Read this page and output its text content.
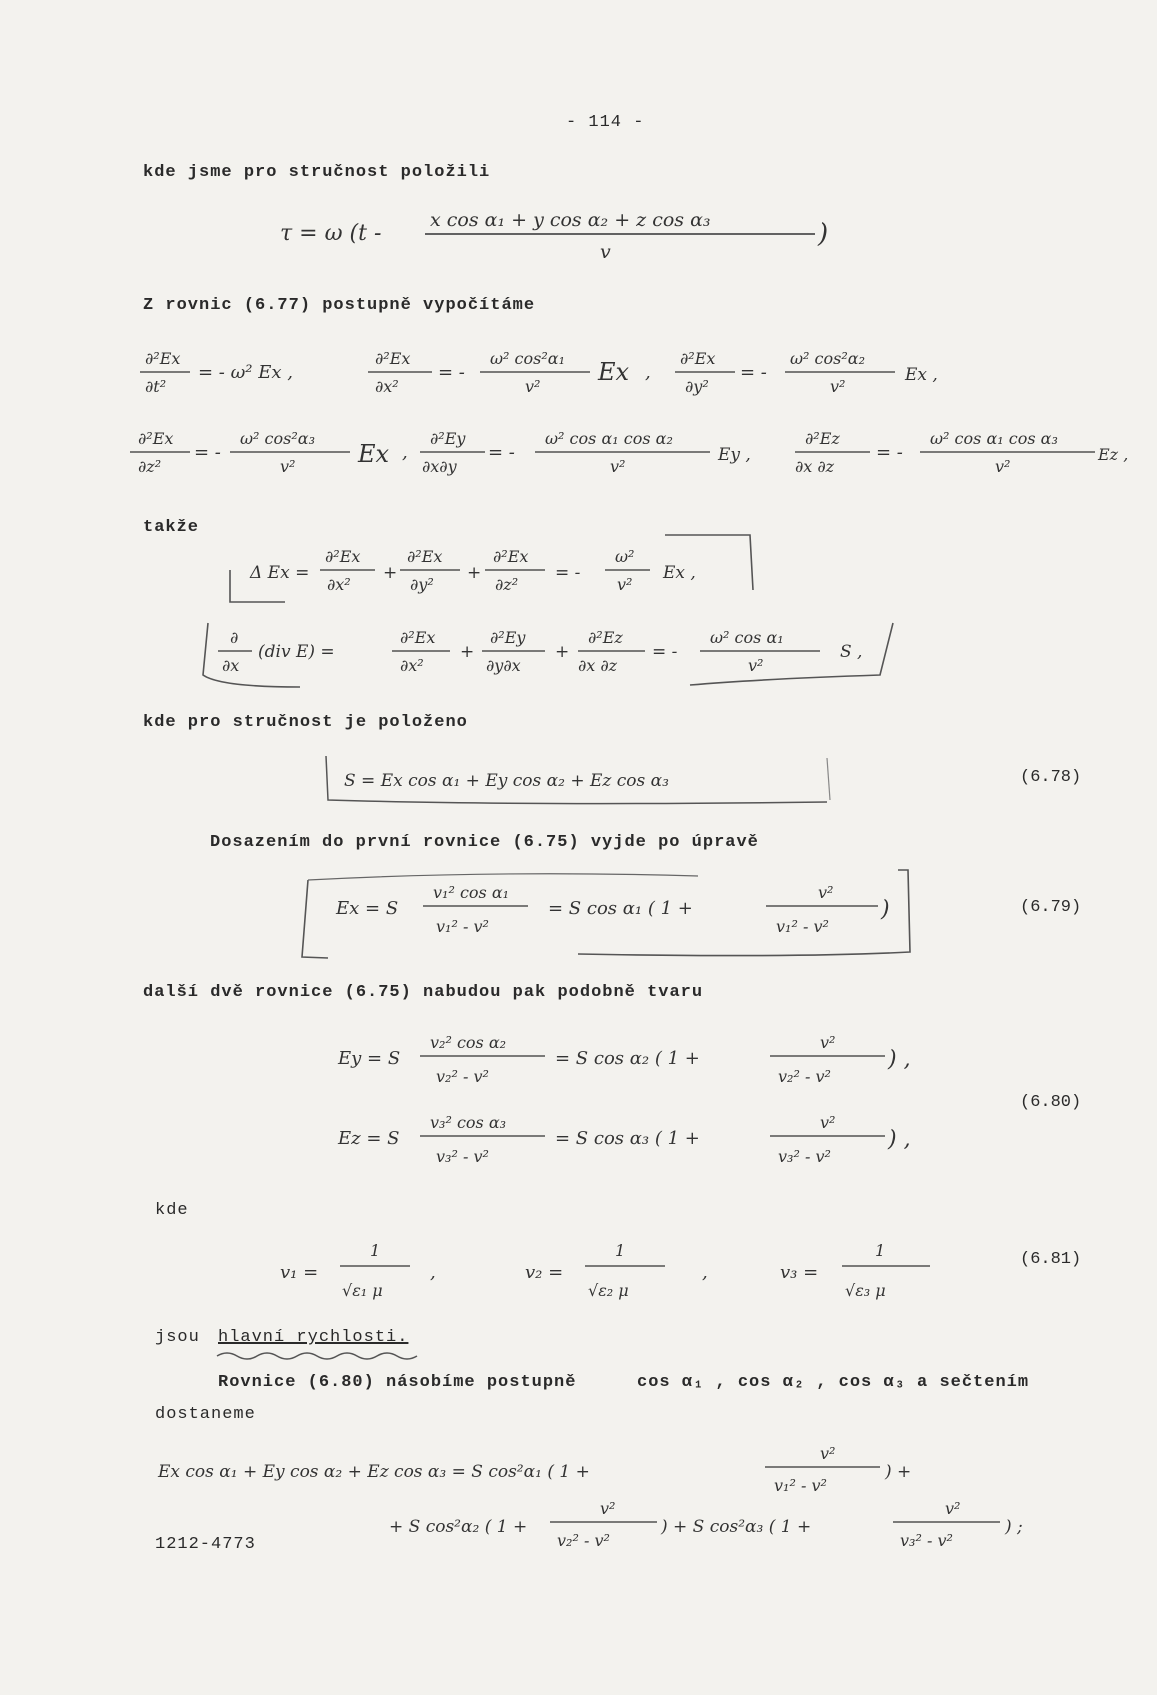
- 114 -
kde jsme pro stručnost položili
τ = ω (t -
x cos α₁ + y cos α₂ + z cos α₃
v
)
Z rovnic (6.77) postupně vypočítáme
∂²Ex
∂t²
= - ω² Ex ,
∂²Ex
∂x²
= -
ω² cos²α₁
v²
Ex ,
∂²Ex
∂y²
= -
ω² cos²α₂
v²
Ex ,
∂²Ex
∂z²
= -
ω² cos²α₃
v²	Ex ,
∂²Ey
∂x∂y
= -
ω² cos α₁ cos α₂
v²
Ey ,
∂²Ez
∂x ∂z
= -
ω² cos α₁ cos α₃
v²
Ez ,
takže
Δ Ex =
∂²Ex
∂x²
+
∂²Ex
∂y²
+
∂²Ex
∂z²
= -
ω²
v²
Ex ,
∂
∂x
(div E) =
∂²Ex
∂x²
+
∂²Ey
∂y∂x
+
∂²Ez
∂x ∂z
= -
ω² cos α₁
v²
S ,
kde pro stručnost je položeno
S = Ex cos α₁ + Ey cos α₂ + Ez cos α₃	(6.78)
Dosazením do první rovnice (6.75) vyjde po úpravě
Ex = S
v₁² cos α₁
v₁² - v²
= S cos α₁ ( 1 +
v²
v₁² - v²
)	(6.79)
další dvě rovnice (6.75) nabudou pak podobně tvaru
Ey = S
v₂² cos α₂
v₂² - v²
= S cos α₂ ( 1 +
v²
v₂² - v²
) ,
Ez = S
v₃² cos α₃
v₃² - v²
= S cos α₃ ( 1 +
v²
v₃² - v²
) ,
(6.80)
kde
v₁ =
1
√ε₁ μ
,	v₂ =
1
√ε₂ μ
,	v₃ =
1
√ε₃ μ
(6.81)
jsou hlavní rychlosti.
Rovnice (6.80) násobíme postupně	cos α₁ , cos α₂ , cos α₃ a sečtením
dostaneme
Ex cos α₁ + Ey cos α₂ + Ez cos α₃ = S cos²α₁ ( 1 +
v²
v₁² - v²
) +
+ S cos²α₂ ( 1 +
v²
v₂² - v²
) + S cos²α₃ ( 1 +
v²
v₃² - v²
) ;
1212-4773
